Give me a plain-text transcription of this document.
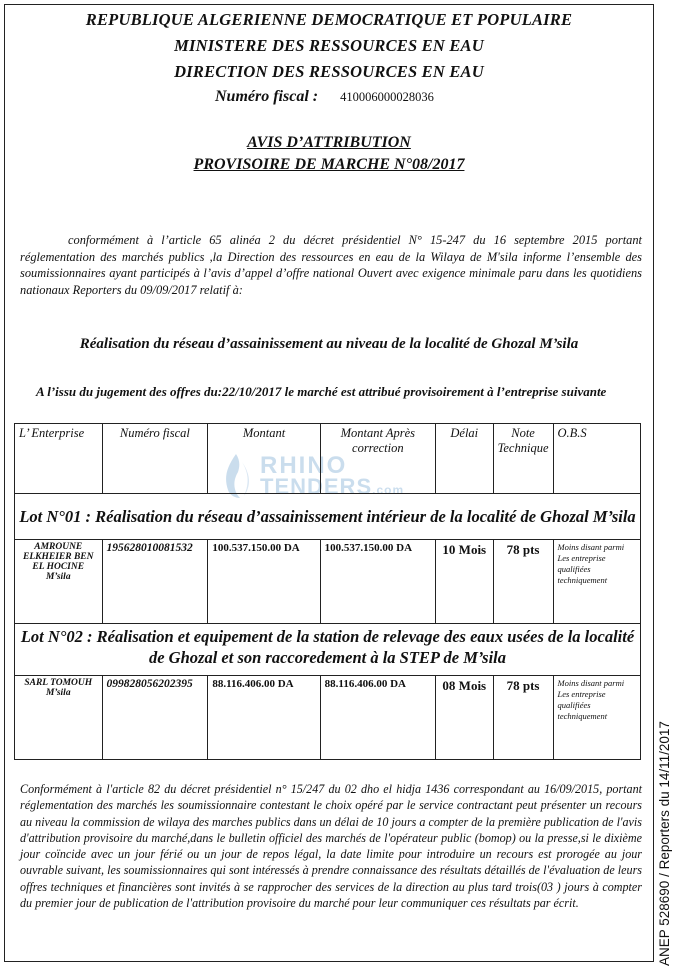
REPUBLIQUE ALGERIENNE DEMOCRATIQUE ET POPULAIRE
MINISTERE DES RESSOURCES EN EAU
DIRECTION DES RESSOURCES EN EAU
Numéro fiscal : 410006000028036
AVIS D’ATTRIBUTION
PROVISOIRE DE MARCHE N°08/2017
conformément à l’article 65 alinéa 2 du décret présidentiel N° 15-247 du 16 septembre 2015 portant réglementation des marchés publics ,la Direction des ressources en eau de la Wilaya de M'sila informe l’ensemble des soumissionnaires ayant participés à l’avis d’appel d’offre national Ouvert avec exigence minimale paru dans les quotidiens nationaux Reporters du 09/09/2017 relatif à:
Réalisation du réseau d’assainissement au niveau de la localité de Ghozal M’sila
A l’issu du jugement des offres du:22/10/2017 le marché est attribué provisoirement à l’entreprise suivante
RHINO
TENDERS.com
L’ Enterprise	Numéro fiscal	Montant	Montant Après correction	Délai	Note Technique	O.B.S
Lot N°01 : Réalisation du réseau d’assainissement intérieur de la localité de Ghozal M’sila						
AMROUNE ELKHEIER BEN EL HOCINE M’sila	195628010081532	100.537.150.00 DA	100.537.150.00 DA	10 Mois	78 pts	Moins disant parmi Les entreprise qualifiées techniquement
Lot N°02 : Réalisation et equipement de la station de relevage des eaux usées de la localité de Ghozal et son raccoredement à la STEP de M’sila						
SARL TOMOUH M’sila	099828056202395	88.116.406.00 DA	88.116.406.00 DA	08 Mois	78 pts	Moins disant parmi Les entreprise qualifiées techniquement
Conformément à l'article 82 du décret présidentiel n° 15/247 du 02 dho el hidja 1436 correspondant au 16/09/2015, portant réglementation des marchés les soumissionnaire contestant le choix opéré par le service contractant peut présenter un recours au niveau la commission de wilaya des marches publics dans un délai de 10 jours a compter de la première publication de l'avis d'attribution provisoire du marché,dans le bulletin officiel des marchés de l'opérateur public (bomop) ou la presse,si le dixième jour coïncide avec un jour férié ou un jour de repos légal, la date limite pour introduire un recours est prorogée au jour ouvrable suivant, les soumissionnaires qui sont intéressés à prendre connaissance des résultats détaillés de l'évaluation de leurs offres techniques et financières sont invités à se rapprocher des services de la direction au plus tard trois(03 ) jours à compter du premier jour de publication de l'attribution provisoire du marché pour leur communiquer ces résultats par écrit.	ANEP 528690 / Reporters du 14/11/2017
